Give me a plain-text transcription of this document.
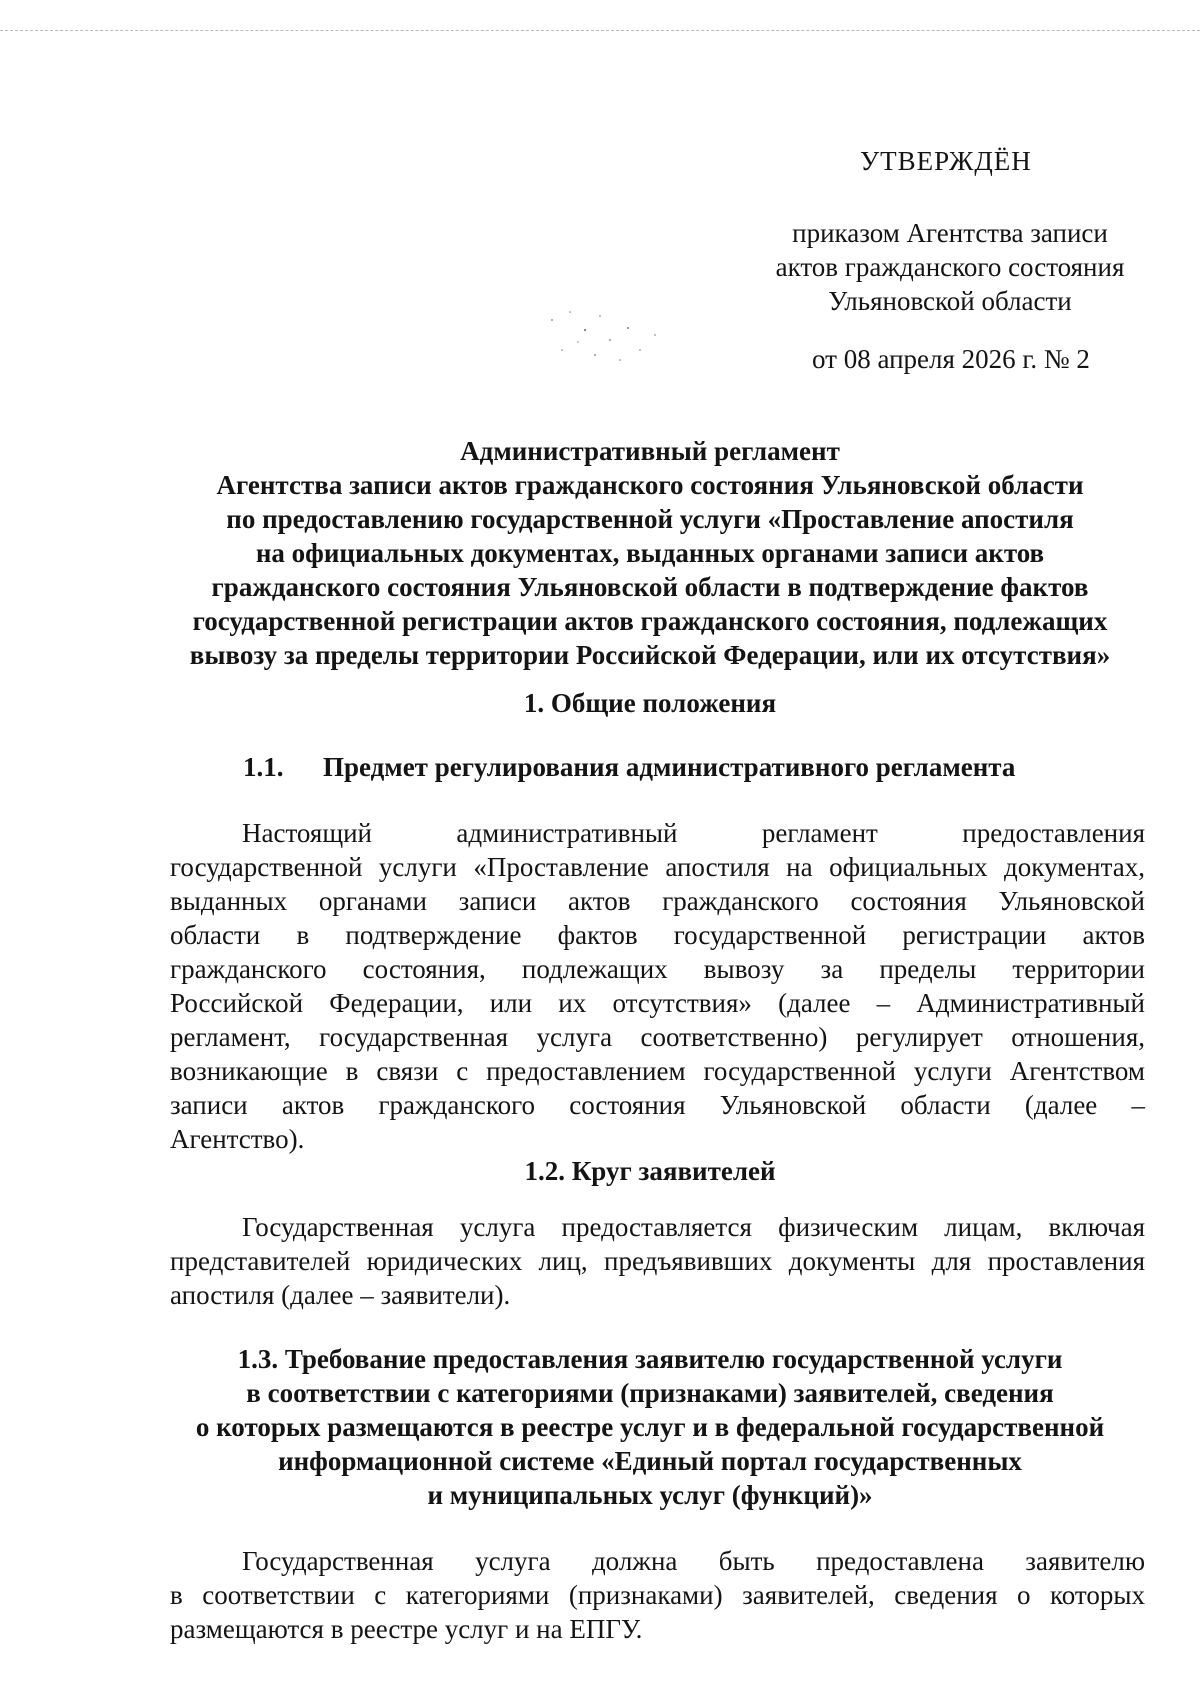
УТВЕРЖДЁН
приказом Агентства записи
актов гражданского состояния
Ульяновской области
от 08 апреля 2026 г. № 2
Административный регламент
Агентства записи актов гражданского состояния Ульяновской области
по предоставлению государственной услуги «Проставление апостиля
на официальных документах, выданных органами записи актов
гражданского состояния Ульяновской области в подтверждение фактов
государственной регистрации актов гражданского состояния, подлежащих
вывозу за пределы территории Российской Федерации, или их отсутствия»
1. Общие положения
1.1. Предмет регулирования административного регламента
Настоящий административный регламент предоставления
государственной услуги «Проставление апостиля на официальных документах,
выданных органами записи актов гражданского состояния Ульяновской
области в подтверждение фактов государственной регистрации актов
гражданского состояния, подлежащих вывозу за пределы территории
Российской Федерации, или их отсутствия» (далее – Административный
регламент, государственная услуга соответственно) регулирует отношения,
возникающие в связи с предоставлением государственной услуги Агентством
записи актов гражданского состояния Ульяновской области (далее –
Агентство).
1.2. Круг заявителей
Государственная услуга предоставляется физическим лицам, включая
представителей юридических лиц, предъявивших документы для проставления
апостиля (далее – заявители).
1.3. Требование предоставления заявителю государственной услуги
в соответствии с категориями (признаками) заявителей, сведения
о которых размещаются в реестре услуг и в федеральной государственной
информационной системе «Единый портал государственных
и муниципальных услуг (функций)»
Государственная услуга должна быть предоставлена заявителю
в соответствии с категориями (признаками) заявителей, сведения о которых
размещаются в реестре услуг и на ЕПГУ.
